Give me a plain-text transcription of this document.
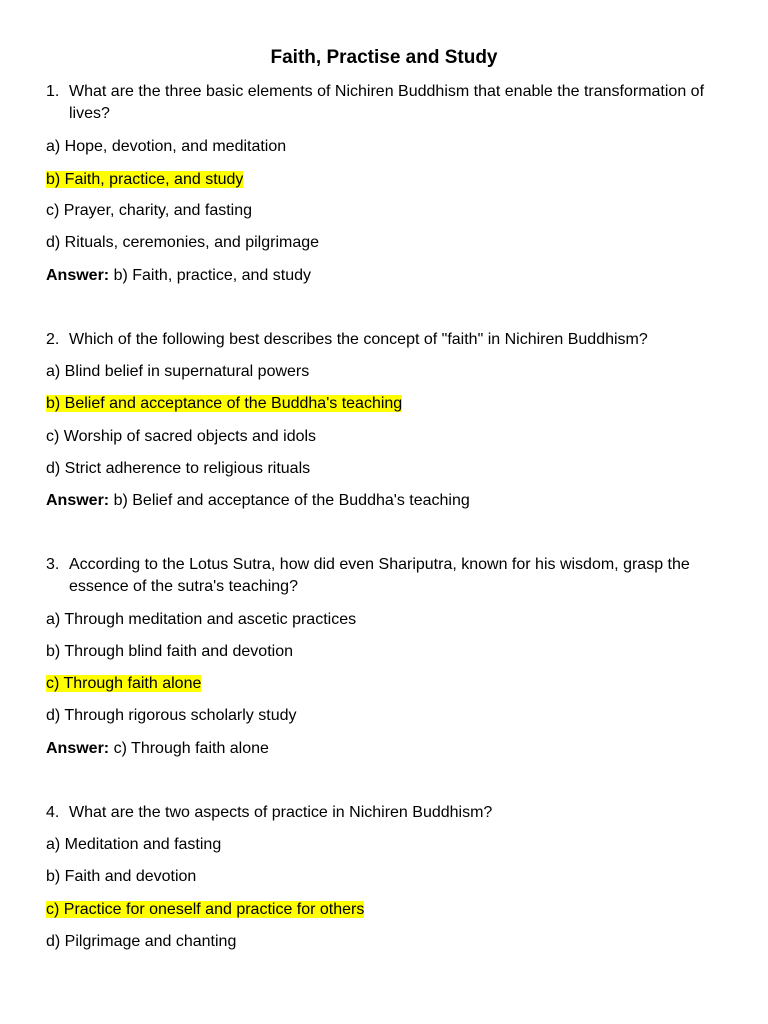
Faith, Practise and Study
1. What are the three basic elements of Nichiren Buddhism that enable the transformation of lives?
a) Hope, devotion, and meditation
b) Faith, practice, and study
c) Prayer, charity, and fasting
d) Rituals, ceremonies, and pilgrimage
Answer: b) Faith, practice, and study
2. Which of the following best describes the concept of "faith" in Nichiren Buddhism?
a) Blind belief in supernatural powers
b) Belief and acceptance of the Buddha's teaching
c) Worship of sacred objects and idols
d) Strict adherence to religious rituals
Answer: b) Belief and acceptance of the Buddha's teaching
3. According to the Lotus Sutra, how did even Shariputra, known for his wisdom, grasp the essence of the sutra's teaching?
a) Through meditation and ascetic practices
b) Through blind faith and devotion
c) Through faith alone
d) Through rigorous scholarly study
Answer: c) Through faith alone
4. What are the two aspects of practice in Nichiren Buddhism?
a) Meditation and fasting
b) Faith and devotion
c) Practice for oneself and practice for others
d) Pilgrimage and chanting
